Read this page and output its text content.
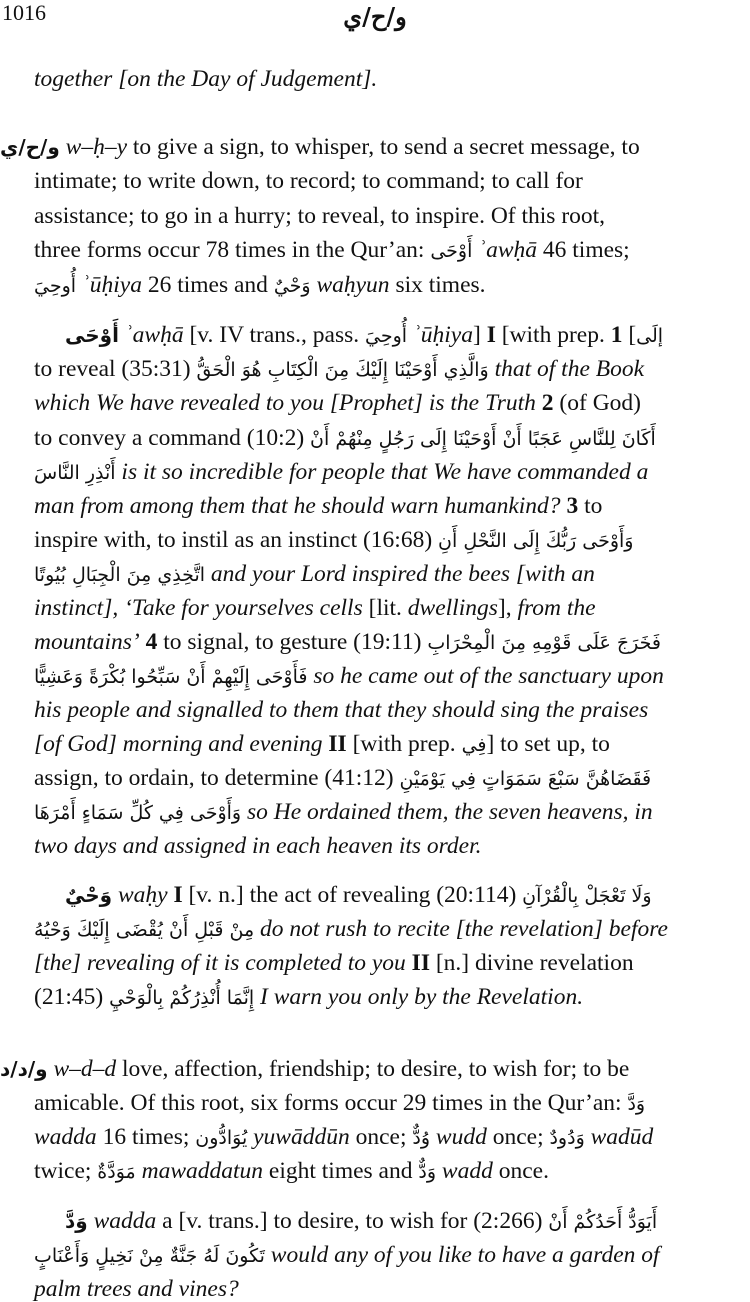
1016	و/ح/ي
together [on the Day of Judgement].
و/ح/ي w–ḥ–y to give a sign, to whisper, to send a secret message, to
intimate; to write down, to record; to command; to call for
assistance; to go in a hurry; to reveal, to inspire. Of this root,
three forms occur 78 times in the Qur’an: أَوْحَى ʾawḥā 46 times;
أُوحِيَ ʾūḥiya 26 times and وَحْيٌ waḥyun six times.
أَوْحَى ʾawḥā [v. IV trans., pass. أُوحِيَ ʾūḥiya] I [with prep. إلَى] 1
to reveal (35:31) وَالَّذِي أَوْحَيْنَا إِلَيْكَ مِنَ الْكِتَابِ هُوَ الْحَقُّ that of the Book
which We have revealed to you [Prophet] is the Truth 2 (of God)
to convey a command (10:2) أَكَانَ لِلنَّاسِ عَجَبًا أَنْ أَوْحَيْنَا إِلَى رَجُلٍ مِنْهُمْ أَنْ
أَنْذِرِ النَّاسَ is it so incredible for people that We have commanded a
man from among them that he should warn humankind? 3 to
inspire with, to instil as an instinct (16:68) وَأَوْحَى رَبُّكَ إِلَى النَّحْلِ أَنِ
اتَّخِذِي مِنَ الْجِبَالِ بُيُوتًا and your Lord inspired the bees [with an
instinct], ‘Take for yourselves cells [lit. dwellings], from the
mountains’ 4 to signal, to gesture (19:11) فَخَرَجَ عَلَى قَوْمِهِ مِنَ الْمِحْرَابِ
فَأَوْحَى إِلَيْهِمْ أَنْ سَبِّحُوا بُكْرَةً وَعَشِيًّا so he came out of the sanctuary upon
his people and signalled to them that they should sing the praises
[of God] morning and evening II [with prep. فِي] to set up, to
assign, to ordain, to determine (41:12) فَقَضَاهُنَّ سَبْعَ سَمَوَاتٍ فِي يَوْمَيْنِ
وَأَوْحَى فِي كُلِّ سَمَاءٍ أَمْرَهَا so He ordained them, the seven heavens, in
two days and assigned in each heaven its order.
وَحْيٌ waḥy I [v. n.] the act of revealing (20:114) وَلَا تَعْجَلْ بِالْقُرْآنِ
مِنْ قَبْلِ أَنْ يُقْضَى إِلَيْكَ وَحْيُهُ do not rush to recite [the revelation] before
[the] revealing of it is completed to you II [n.] divine revelation
(21:45) إِنَّمَا أُنْذِرُكُمْ بِالْوَحْيِ I warn you only by the Revelation.
و/د/د w–d–d love, affection, friendship; to desire, to wish for; to be
amicable. Of this root, six forms occur 29 times in the Qur’an: وَدَّ
wadda 16 times; يُوَادُّون yuwāddūn once; وُدٌّ wudd once; وَدُودٌ wadūd
twice; مَوَدَّةٌ mawaddatun eight times and وَدٌّ wadd once.
وَدَّ wadda a [v. trans.] to desire, to wish for (2:266) أَيَوَدُّ أَحَدُكُمْ أَنْ
تَكُونَ لَهُ جَنَّةٌ مِنْ نَخِيلٍ وَأَعْنَابٍ would any of you like to have a garden of
palm trees and vines?
